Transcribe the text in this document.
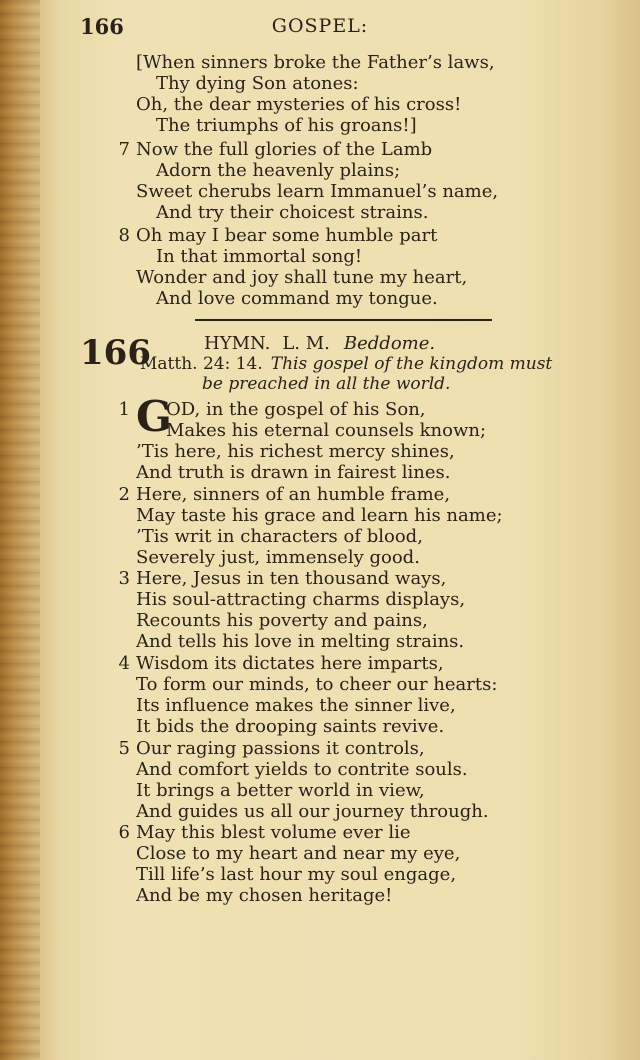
166	GOSPEL:
[When sinners broke the Father’s laws,
Thy dying Son atones:
Oh, the dear mysteries of his cross!
The triumphs of his groans!]
7 Now the full glories of the Lamb
Adorn the heavenly plains;
Sweet cherubs learn Immanuel’s name,
And try their choicest strains.
8 Oh may I bear some humble part
In that immortal song!
Wonder and joy shall tune my heart,
And love command my tongue.
166	HYMN. L. M. Beddome.
Matth. 24: 14. This gospel of the kingdom must
be preached in all the world.
G
1	OD, in the gospel of his Son,
Makes his eternal counsels known;
’Tis here, his richest mercy shines,
And truth is drawn in fairest lines.
2 Here, sinners of an humble frame,
May taste his grace and learn his name;
’Tis writ in characters of blood,
Severely just, immensely good.
3 Here, Jesus in ten thousand ways,
His soul-attracting charms displays,
Recounts his poverty and pains,
And tells his love in melting strains.
4 Wisdom its dictates here imparts,
To form our minds, to cheer our hearts:
Its influence makes the sinner live,
It bids the drooping saints revive.
5 Our raging passions it controls,
And comfort yields to contrite souls.
It brings a better world in view,
And guides us all our journey through.
6 May this blest volume ever lie
Close to my heart and near my eye,
Till life’s last hour my soul engage,
And be my chosen heritage!
